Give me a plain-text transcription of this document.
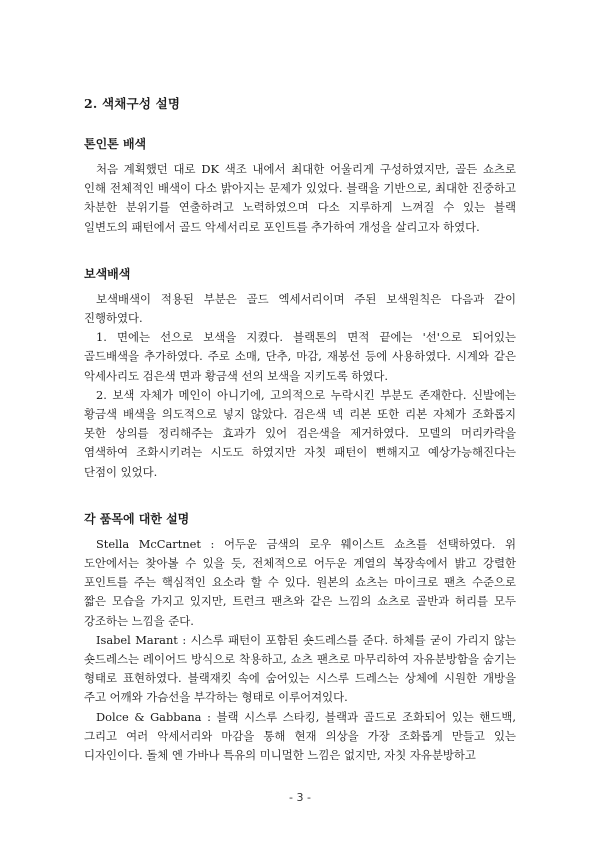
2. 색채구성 설명

톤인톤 배색

처음 계획했던 대로 DK 색조 내에서 최대한 어울리게 구성하였지만, 골든 쇼츠로 인해 전체적인 배색이 다소 밝아지는 문제가 있었다. 블랙을 기반으로, 최대한 진중하고 차분한 분위기를 연출하려고 노력하였으며 다소 지루하게 느껴질 수 있는 블랙 일변도의 패턴에서 골드 악세서리로 포인트를 추가하여 개성을 살리고자 하였다.

보색배색

보색배색이 적용된 부분은 골드 엑세서리이며 주된 보색원칙은 다음과 같이 진행하였다.

1. 면에는 선으로 보색을 지켰다. 블랙톤의 면적 끝에는 '선'으로 되어있는 골드배색을 추가하였다. 주로 소매, 단추, 마감, 재봉선 등에 사용하였다. 시계와 같은 악세사리도 검은색 면과 황금색 선의 보색을 지키도록 하였다.

2. 보색 자체가 메인이 아니기에, 고의적으로 누락시킨 부분도 존재한다. 신발에는 황금색 배색을 의도적으로 넣지 않았다. 검은색 넥 리본 또한 리본 자체가 조화롭지 못한 상의를 정리해주는 효과가 있어 검은색을 제거하였다. 모델의 머리카락을 염색하여 조화시키려는 시도도 하였지만 자칫 패턴이 뻔해지고 예상가능해진다는 단점이 있었다.

각 품목에 대한 설명

Stella McCartnet : 어두운 금색의 로우 웨이스트 쇼츠를 선택하였다. 위 도안에서는 찾아볼 수 있을 듯, 전체적으로 어두운 계열의 복장속에서 밝고 강렬한 포인트를 주는 핵심적인 요소라 할 수 있다. 원본의 쇼츠는 마이크로 팬츠 수준으로 짧은 모습을 가지고 있지만, 트런크 팬츠와 같은 느낌의 쇼츠로 골반과 허리를 모두 강조하는 느낌을 준다.

Isabel Marant : 시스루 패턴이 포함된 숏드레스를 준다. 하체를 굳이 가리지 않는 숏드레스는 레이어드 방식으로 착용하고, 쇼츠 팬츠로 마무리하여 자유분방함을 숨기는 형태로 표현하였다. 블랙재킷 속에 숨어있는 시스루 드레스는 상체에 시원한 개방을 주고 어깨와 가슴선을 부각하는 형태로 이루어져있다.

Dolce & Gabbana : 블랙 시스루 스타킹, 블랙과 골드로 조화되어 있는 핸드백, 그리고 여러 악세서리와 마감을 통해 현재 의상을 가장 조화롭게 만들고 있는 디자인이다. 돌체 엔 가바나 특유의 미니멀한 느낌은 없지만, 자칫 자유분방하고

- 3 -
